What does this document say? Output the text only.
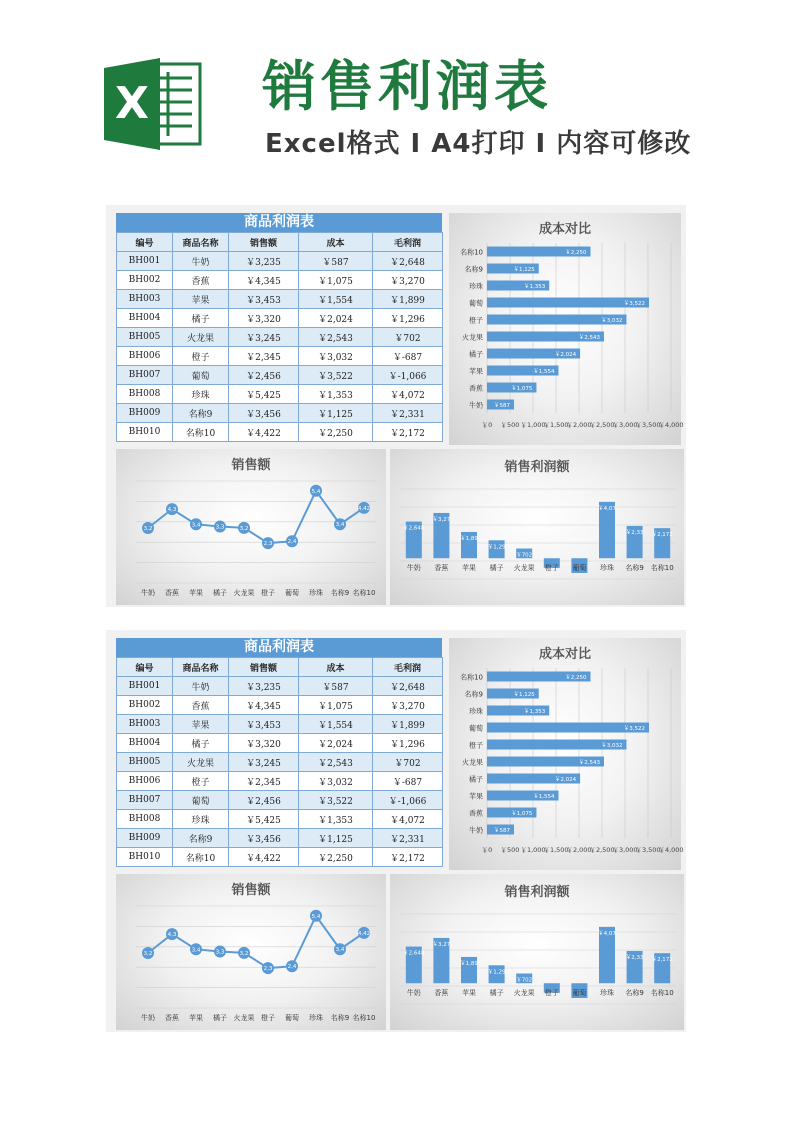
X 销售利润表
Excel格式 I A4打印 I 内容可修改
商品利润表
编号	商品名称	销售额	成本	毛利润
BH001	牛奶	￥3,235	￥587	￥2,648
BH002	香蕉	￥4,345	￥1,075	￥3,270
BH003	苹果	￥3,453	￥1,554	￥1,899
BH004	橘子	￥3,320	￥2,024	￥1,296
BH005	火龙果	￥3,245	￥2,543	￥702
BH006	橙子	￥2,345	￥3,032	￥-687
BH007	葡萄	￥2,456	￥3,522	￥-1,066
BH008	珍珠	￥5,425	￥1,353	￥4,072
BH009	名称9	￥3,456	￥1,125	￥2,331
BH010	名称10	￥4,422	￥2,250	￥2,172
成本对比
￥0 ￥500 ￥1,000
￥1,500
￥2,000
￥2,500
￥3,000
￥3,500
￥4,000
牛奶 ￥587
香蕉	￥1,075
苹果	￥1,554
橘子	￥2,024
火龙果	￥2,543
橙子	￥3,032
葡萄	￥3,522
珍珠	￥1,353
名称9	￥1,125
名称10	￥2,250
销售额
3,2
牛奶
4,3
香蕉
3,4
苹果
3,3
橘子
3,2
火龙果
2,3
橙子
2,4
葡萄
5,4
珍珠
3,4
名称9
4,42
名称10
销售利润额
￥2,648
牛奶
￥3,27
香蕉
￥1,89
苹果
￥1,29
橘子
￥702
火龙果 橙子 葡萄
￥4,07
珍珠
￥2,33
名称9
￥2,172
名称10
商品利润表
编号	商品名称	销售额	成本	毛利润
BH001	牛奶	￥3,235	￥587	￥2,648
BH002	香蕉	￥4,345	￥1,075	￥3,270
BH003	苹果	￥3,453	￥1,554	￥1,899
BH004	橘子	￥3,320	￥2,024	￥1,296
BH005	火龙果	￥3,245	￥2,543	￥702
BH006	橙子	￥2,345	￥3,032	￥-687
BH007	葡萄	￥2,456	￥3,522	￥-1,066
BH008	珍珠	￥5,425	￥1,353	￥4,072
BH009	名称9	￥3,456	￥1,125	￥2,331
BH010	名称10	￥4,422	￥2,250	￥2,172
成本对比
￥0 ￥500 ￥1,000
￥1,500
￥2,000
￥2,500
￥3,000
￥3,500
￥4,000
牛奶 ￥587
香蕉	￥1,075
苹果	￥1,554
橘子	￥2,024
火龙果	￥2,543
橙子	￥3,032
葡萄	￥3,522
珍珠	￥1,353
名称9	￥1,125
名称10	￥2,250
销售额
3,2
牛奶
4,3
香蕉
3,4
苹果
3,3
橘子
3,2
火龙果
2,3
橙子
2,4
葡萄
5,4
珍珠
3,4
名称9
4,42
名称10
销售利润额
￥2,648
牛奶
￥3,27
香蕉
￥1,89
苹果
￥1,29
橘子
￥702
火龙果 橙子 葡萄
￥4,07
珍珠
￥2,33
名称9
￥2,172
名称10
